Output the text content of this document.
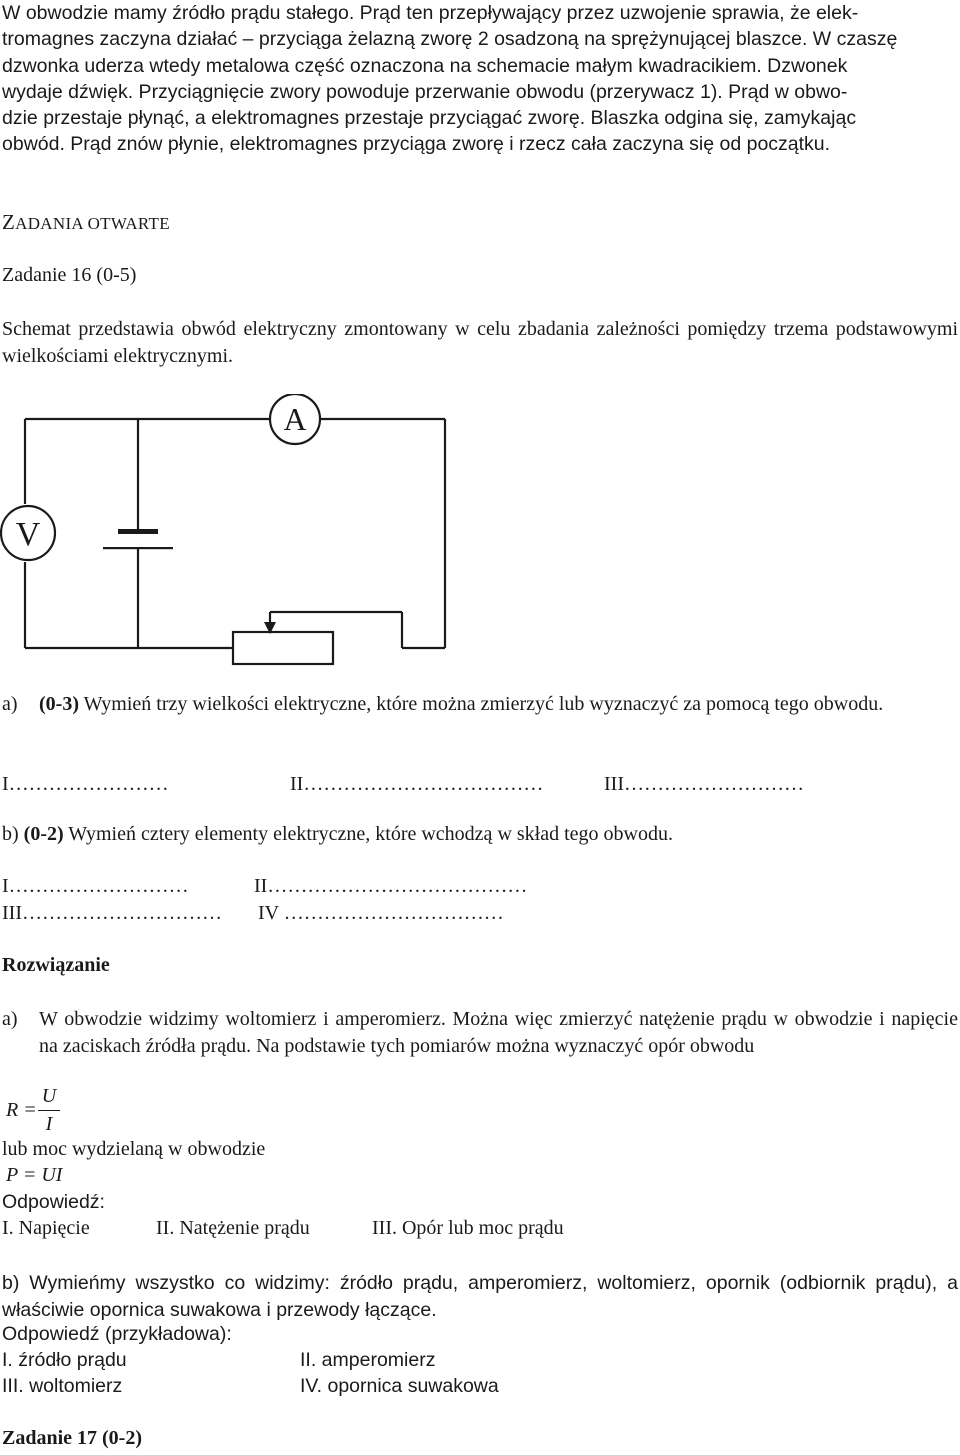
W obwodzie mamy źródło prądu stałego. Prąd ten przepływający przez uzwojenie sprawia, że elek-

tromagnes zaczyna działać – przyciąga żelazną zworę 2 osadzoną na sprężynującej blaszce. W czaszę

dzwonka uderza wtedy metalowa część oznaczona na schemacie małym kwadracikiem. Dzwonek

wydaje dźwięk. Przyciągnięcie zwory powoduje przerwanie obwodu (przerywacz 1). Prąd w obwo-

dzie przestaje płynąć, a elektromagnes przestaje przyciągać zworę. Blaszka odgina się, zamykając

obwód. Prąd znów płynie, elektromagnes przyciąga zworę i rzecz cała zaczyna się od początku.

ZADANIA OTWARTE
Zadanie 16 (0-5)
Schemat przedstawia obwód elektryczny zmontowany w celu zbadania zależności pomiędzy trzema podstawowymi wielkościami elektrycznymi.
A
V
a) (0-3) Wymień trzy wielkości elektryczne, które można zmierzyć lub wyznaczyć za pomocą tego obwodu.
I……………………	II………………………………	III………………………
b) (0-2) Wymień cztery elementy elektryczne, które wchodzą w skład tego obwodu.
I………………………	II…………………………………
III………………………… IV ……………………………
Rozwiązanie
a) W obwodzie widzimy woltomierz i amperomierz. Można więc zmierzyć natężenie prądu w obwodzie i napięcie na zaciskach źródła prądu. Na podstawie tych pomiarów można wyznaczyć opór obwodu
R =
U
I
lub moc wydzielaną w obwodzie
P = UI
Odpowiedź:
I. Napięcie	II. Natężenie prądu	III. Opór lub moc prądu
b) Wymieńmy wszystko co widzimy: źródło prądu, amperomierz, woltomierz, opornik (odbiornik prądu), a właściwie opornica suwakowa i przewody łączące.
Odpowiedź (przykładowa):
I. źródło prądu	II. amperomierz
III. woltomierz	IV. opornica suwakowa
Zadanie 17 (0-2)
